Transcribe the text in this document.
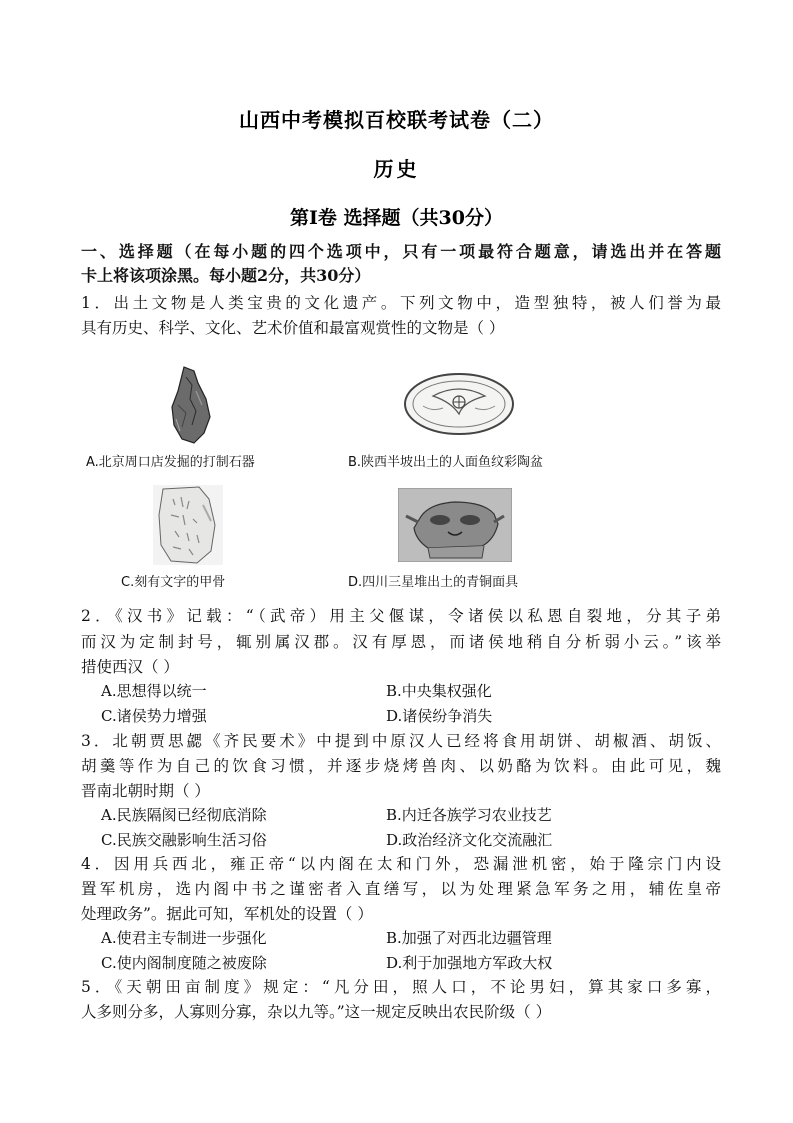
山西中考模拟百校联考试卷（二）
历史
第Ⅰ卷 选择题（共30分）
一、选择题（在每小题的四个选项中，只有一项最符合题意，请选出并在答题
卡上将该项涂黑。每小题2分，共30分）
1．出土文物是人类宝贵的文化遗产。下列文物中，造型独特，被人们誉为最
具有历史、科学、文化、艺术价值和最富观赏性的文物是（ ）
A.北京周口店发掘的打制石器	B.陕西半坡出土的人面鱼纹彩陶盆
C.刻有文字的甲骨	D.四川三星堆出土的青铜面具
2．《汉书》记载：“（武帝）用主父偃谋，令诸侯以私恩自裂地，分其子弟
而汉为定制封号，辄别属汉郡。汉有厚恩，而诸侯地稍自分析弱小云。”该举
措使西汉（ ）
A.思想得以统一	B.中央集权强化
C.诸侯势力增强	D.诸侯纷争消失
3．北朝贾思勰《齐民要术》中提到中原汉人已经将食用胡饼、胡椒酒、胡饭、
胡羹等作为自己的饮食习惯，并逐步烧烤兽肉、以奶酪为饮料。由此可见，魏
晋南北朝时期（ ）
A.民族隔阂已经彻底消除	B.内迁各族学习农业技艺
C.民族交融影响生活习俗	D.政治经济文化交流融汇
4．因用兵西北，雍正帝“以内阁在太和门外，恐漏泄机密，始于隆宗门内设
置军机房，选内阁中书之谨密者入直缮写，以为处理紧急军务之用，辅佐皇帝
处理政务”。据此可知，军机处的设置（ ）
A.使君主专制进一步强化	B.加强了对西北边疆管理
C.使内阁制度随之被废除	D.利于加强地方军政大权
5．《天朝田亩制度》规定：“凡分田，照人口，不论男妇，算其家口多寡，
人多则分多，人寡则分寡，杂以九等。”这一规定反映出农民阶级（ ）
